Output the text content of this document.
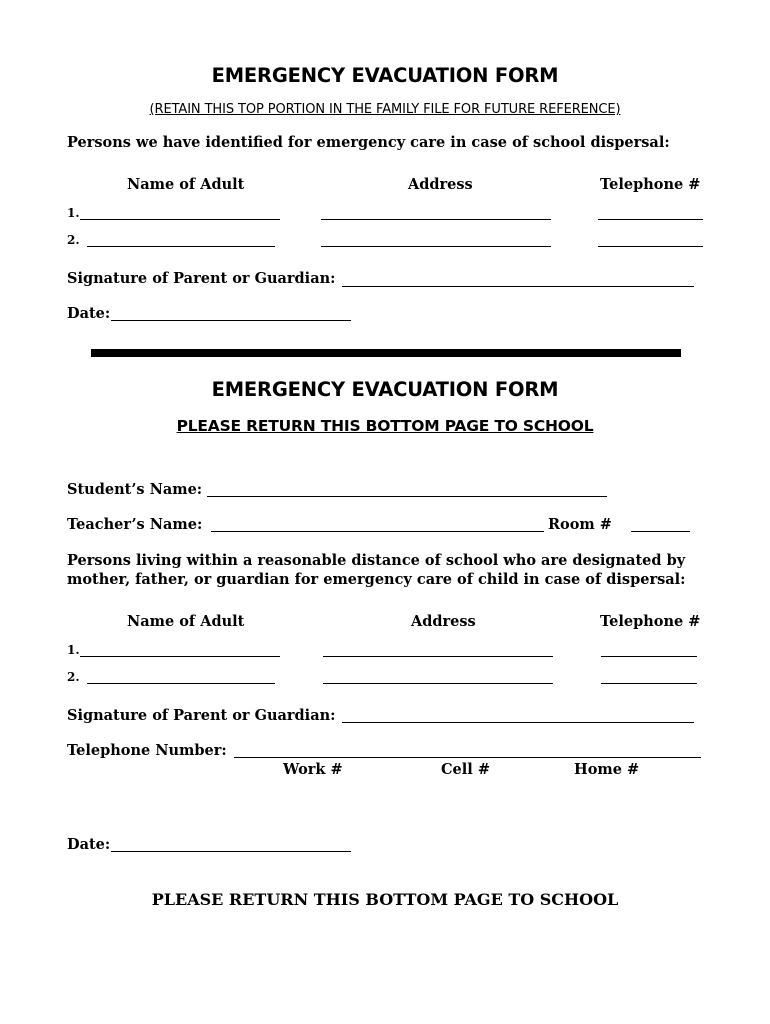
EMERGENCY EVACUATION FORM
(RETAIN THIS TOP PORTION IN THE FAMILY FILE FOR FUTURE REFERENCE)
Persons we have identified for emergency care in case of school dispersal:
Name of Adult	Address	Telephone #
1.
2.
Signature of Parent or Guardian:
Date:
EMERGENCY EVACUATION FORM
PLEASE RETURN THIS BOTTOM PAGE TO SCHOOL
Student’s Name:
Teacher’s Name:	Room #
Persons living within a reasonable distance of school who are designated by
mother, father, or guardian for emergency care of child in case of dispersal:
Name of Adult	Address	Telephone #
1.
2.
Signature of Parent or Guardian:
Telephone Number:
Work #	Cell #	Home #
Date:
PLEASE RETURN THIS BOTTOM PAGE TO SCHOOL
